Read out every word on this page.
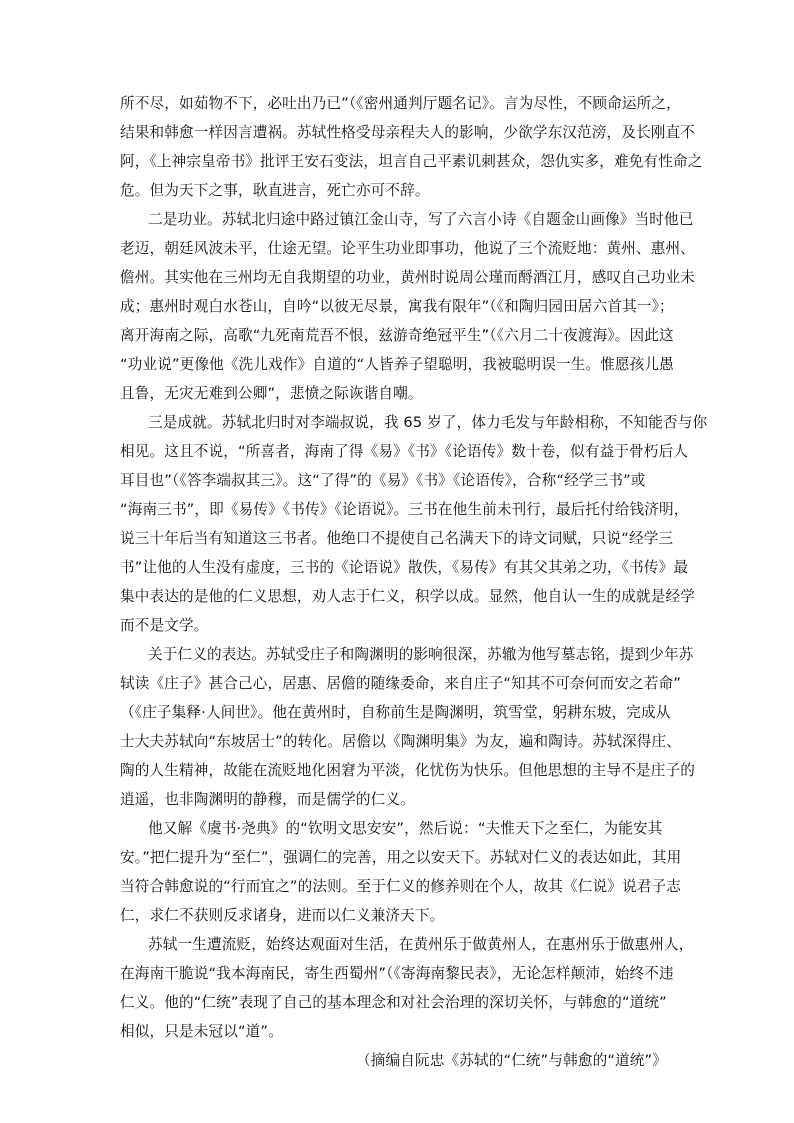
所不尽，如茹物不下，必吐出乃已”（《密州通判厅题名记》。言为尽性，不顾命运所之，
结果和韩愈一样因言遭祸。苏轼性格受母亲程夫人的影响，少欲学东汉范滂，及长刚直不
阿，《上神宗皇帝书》批评王安石变法，坦言自己平素讥刺甚众，怨仇实多，难免有性命之
危。但为天下之事，耿直进言，死亡亦可不辞。
二是功业。苏轼北归途中路过镇江金山寺，写了六言小诗《自题金山画像》当时他已
老迈，朝廷风波未平，仕途无望。论平生功业即事功，他说了三个流贬地：黄州、惠州、
儋州。其实他在三州均无自我期望的功业，黄州时说周公瑾而酹酒江月，感叹自己功业未
成；惠州时观白水苍山，自吟“以彼无尽景，寓我有限年”（《和陶归园田居六首其一》；
离开海南之际，高歌“九死南荒吾不恨，兹游奇绝冠平生”（《六月二十夜渡海》。因此这
“功业说”更像他《洗儿戏作》自道的“人皆养子望聪明，我被聪明误一生。惟愿孩儿愚
且鲁，无灾无难到公卿”，悲愤之际诙谐自嘲。
三是成就。苏轼北归时对李端叔说，我 65 岁了，体力毛发与年龄相称，不知能否与你
相见。这且不说，“所喜者，海南了得《易》《书》《论语传》数十卷，似有益于骨朽后人
耳目也”（《答李端叔其三》。这“了得”的《易》《书》《论语传》，合称“经学三书”或
“海南三书”，即《易传》《书传》《论语说》。三书在他生前未刊行，最后托付给钱济明，
说三十年后当有知道这三书者。他绝口不提使自己名满天下的诗文词赋，只说“经学三
书”让他的人生没有虚度，三书的《论语说》散佚，《易传》有其父其弟之功，《书传》最
集中表达的是他的仁义思想，劝人志于仁义，积学以成。显然，他自认一生的成就是经学
而不是文学。
关于仁义的表达。苏轼受庄子和陶渊明的影响很深，苏辙为他写墓志铭，提到少年苏
轼读《庄子》甚合己心，居惠、居儋的随缘委命，来自庄子“知其不可奈何而安之若命”
（《庄子集释·人间世》。他在黄州时，自称前生是陶渊明，筑雪堂，躬耕东坡，完成从
士大夫苏轼向“东坡居士”的转化。居儋以《陶渊明集》为友，遍和陶诗。苏轼深得庄、
陶的人生精神，故能在流贬地化困窘为平淡，化忧伤为快乐。但他思想的主导不是庄子的
逍遥，也非陶渊明的静穆，而是儒学的仁义。
他又解《虞书·尧典》的“钦明文思安安”，然后说：“夫惟天下之至仁，为能安其
安。”把仁提升为“至仁”，强调仁的完善，用之以安天下。苏轼对仁义的表达如此，其用
当符合韩愈说的“行而宜之”的法则。至于仁义的修养则在个人，故其《仁说》说君子志
仁，求仁不获则反求诸身，进而以仁义兼济天下。
苏轼一生遭流贬，始终达观面对生活，在黄州乐于做黄州人，在惠州乐于做惠州人，
在海南干脆说“我本海南民，寄生西蜀州”（《寄海南黎民表》，无论怎样颠沛，始终不违
仁义。他的“仁统”表现了自己的基本理念和对社会治理的深切关怀，与韩愈的“道统”
相似，只是未冠以“道”。
（摘编自阮忠《苏轼的“仁统”与韩愈的“道统”》
